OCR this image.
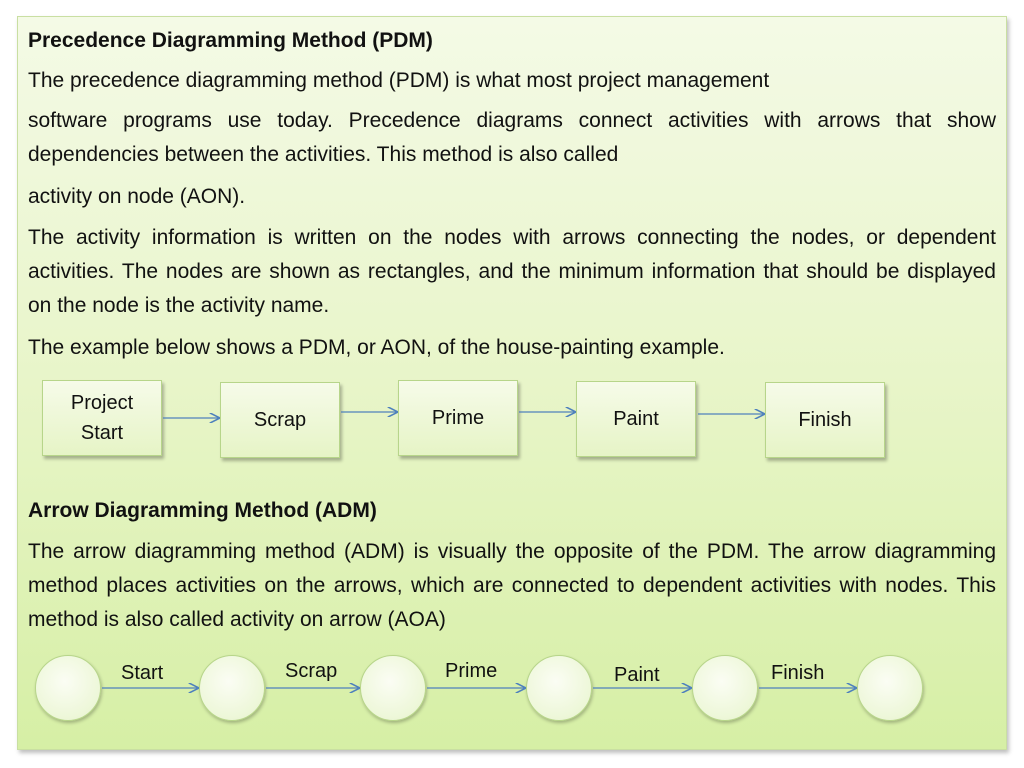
Precedence Diagramming Method (PDM)
The precedence diagramming method (PDM) is what most project management
software programs use today. Precedence diagrams connect activities with arrows that show dependencies between the activities. This method is also called
activity on node (AON).
The activity information is written on the nodes with arrows connecting the nodes, or dependent activities. The nodes are shown as rectangles, and the minimum information that should be displayed on the node is the activity name.
The example below shows a PDM, or AON, of the house-painting example.
Project
Start
Scrap	Prime	Paint	Finish
Arrow Diagramming Method (ADM)
The arrow diagramming method (ADM) is visually the opposite of the PDM. The arrow diagramming method places activities on the arrows, which are connected to dependent activities with nodes. This method is also called activity on arrow (AOA)
Start	Scrap	Prime	Paint	Finish
